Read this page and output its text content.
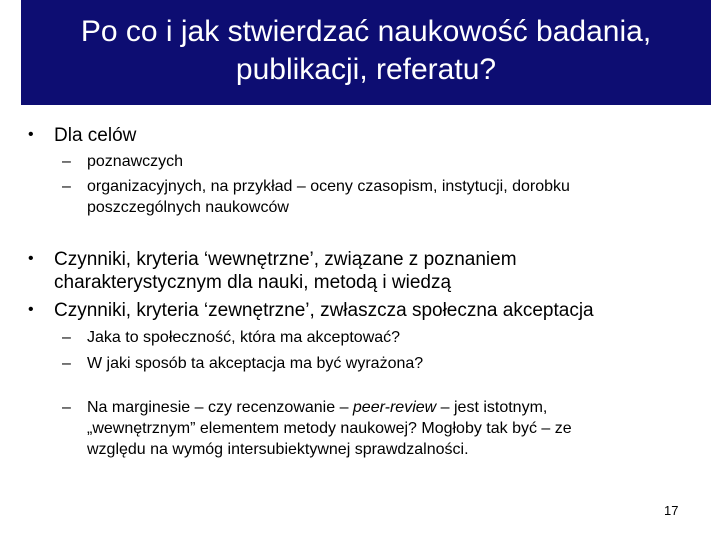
Po co i jak stwierdzać naukowość badania,
publikacji, referatu?
• Dla celów
– poznawczych
– organizacyjnych, na przykład – oceny czasopism, instytucji, dorobku
poszczególnych naukowców
• Czynniki, kryteria ‘wewnętrzne’, związane z poznaniem
charakterystycznym dla nauki, metodą i wiedzą
• Czynniki, kryteria ‘zewnętrzne’, zwłaszcza społeczna akceptacja
– Jaka to społeczność, która ma akceptować?
– W jaki sposób ta akceptacja ma być wyrażona?
– Na marginesie – czy recenzowanie – peer-review – jest istotnym,
„wewnętrznym” elementem metody naukowej? Mogłoby tak być – ze
względu na wymóg intersubiektywnej sprawdzalności.
17
